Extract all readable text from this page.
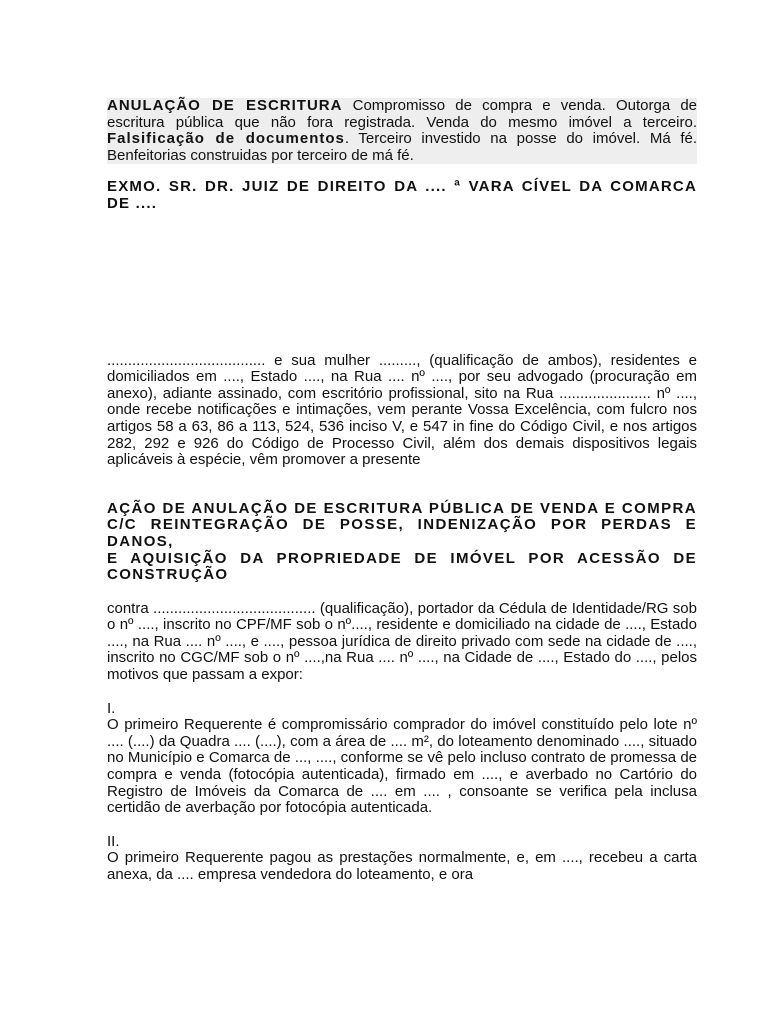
ANULAÇÃO DE ESCRITURA Compromisso de compra e venda. Outorga de escritura pública que não fora registrada. Venda do mesmo imóvel a terceiro. Falsificação de documentos. Terceiro investido na posse do imóvel. Má fé. Benfeitorias construidas por terceiro de má fé.

EXMO. SR. DR. JUIZ DE DIREITO DA .... ª VARA CÍVEL DA COMARCA DE ....

...................................... e sua mulher ........., (qualificação de ambos), residentes e domiciliados em ...., Estado ...., na Rua .... nº ...., por seu advogado (procuração em anexo), adiante assinado, com escritório profissional, sito na Rua ...................... nº ...., onde recebe notificações e intimações, vem perante Vossa Excelência, com fulcro nos artigos 58 a 63, 86 a 113, 524, 536 inciso V, e 547 in fine do Código Civil, e nos artigos 282, 292 e 926 do Código de Processo Civil, além dos demais dispositivos legais aplicáveis à espécie, vêm promover a presente

AÇÃO DE ANULAÇÃO DE ESCRITURA PÚBLICA DE VENDA E COMPRA C/C REINTEGRAÇÃO DE POSSE, INDENIZAÇÃO POR PERDAS E DANOS,
E AQUISIÇÃO DA PROPRIEDADE DE IMÓVEL POR ACESSÃO DE CONSTRUÇÃO

contra ....................................... (qualificação), portador da Cédula de Identidade/RG sob o nº ...., inscrito no CPF/MF sob o nº...., residente e domiciliado na cidade de ...., Estado ...., na Rua .... nº ...., e ...., pessoa jurídica de direito privado com sede na cidade de ...., inscrito no CGC/MF sob o nº ....,na Rua .... nº ...., na Cidade de ...., Estado do ...., pelos motivos que passam a expor:

I.

O primeiro Requerente é compromissário comprador do imóvel constituído pelo lote nº .... (....) da Quadra .... (....), com a área de .... m², do loteamento denominado ...., situado no Município e Comarca de ..., ...., conforme se vê pelo incluso contrato de promessa de compra e venda (fotocópia autenticada), firmado em ...., e averbado no Cartório do Registro de Imóveis da Comarca de .... em .... , consoante se verifica pela inclusa certidão de averbação por fotocópia autenticada.

II.

O primeiro Requerente pagou as prestações normalmente, e, em ...., recebeu a carta anexa, da .... empresa vendedora do loteamento, e ora
